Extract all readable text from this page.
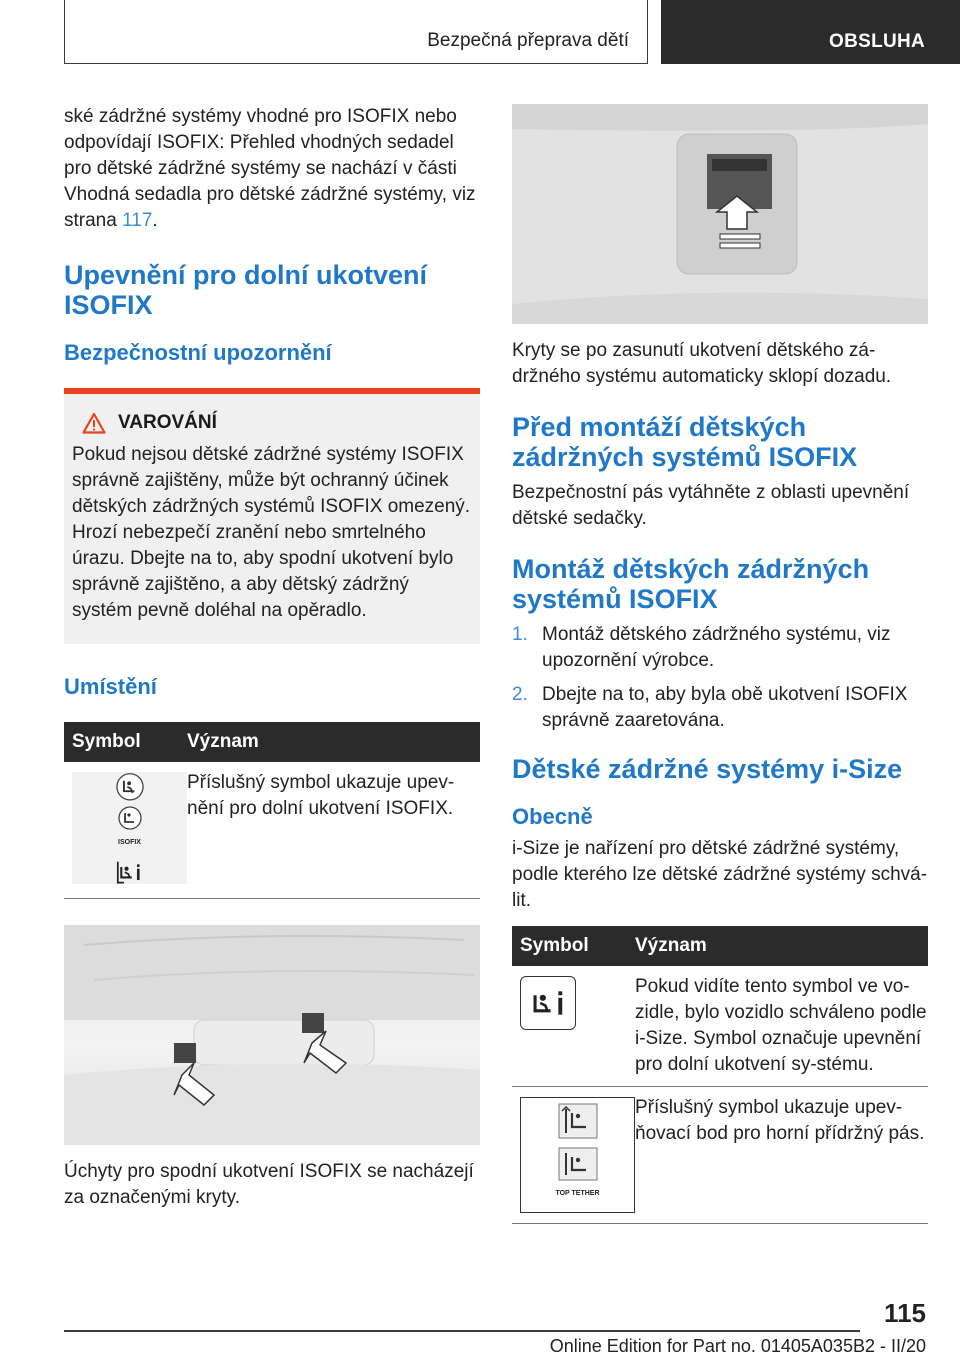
Bezpečná přeprava dětí	OBSLUHA

ské zádržné systémy vhodné pro ISOFIX nebo odpovídají ISOFIX: Přehled vhodných sedadel pro dětské zádržné systémy se nachází v části Vhodná sedadla pro dětské zádržné systémy, viz strana 117.

Upevnění pro dolní ukotvení ISOFIX
Bezpečnostní upozornění
VAROVÁNÍ

Pokud nejsou dětské zádržné systémy ISOFIX správně zajištěny, může být ochranný účinek dětských zádržných systémů ISOFIX omezený. Hrozí nebezpečí zranění nebo smrtelného úrazu. Dbejte na to, aby spodní ukotvení bylo správně zajištěno, a aby dětský zádržný systém pevně doléhal na opěradlo.

Umístění
Symbol	Význam

ISOFIX	Příslušný symbol ukazuje upev-nění pro dolní ukotvení ISOFIX.

Úchyty pro spodní ukotvení ISOFIX se nacházejí za označenými kryty.

Kryty se po zasunutí ukotvení dětského zá-držného systému automaticky sklopí dozadu.

Před montáží dětských zádržných systémů ISOFIX

Bezpečnostní pás vytáhněte z oblasti upevnění dětské sedačky.

Montáž dětských zádržných systémů ISOFIX
1. Montáž dětského zádržného systému, viz upozornění výrobce.
2. Dbejte na to, aby byla obě ukotvení ISOFIX správně zaaretována.
Dětské zádržné systémy i-Size
Obecně

i-Size je nařízení pro dětské zádržné systémy, podle kterého lze dětské zádržné systémy schvá-lit.

Symbol	Význam

	Pokud vidíte tento symbol ve vo-zidle, bylo vozidlo schváleno podle i-Size. Symbol označuje upevnění pro dolní ukotvení sy-stému.

TOP TETHER	Příslušný symbol ukazuje upev-ňovací bod pro horní přídržný pás.
115
Online Edition for Part no. 01405A035B2 - II/20
